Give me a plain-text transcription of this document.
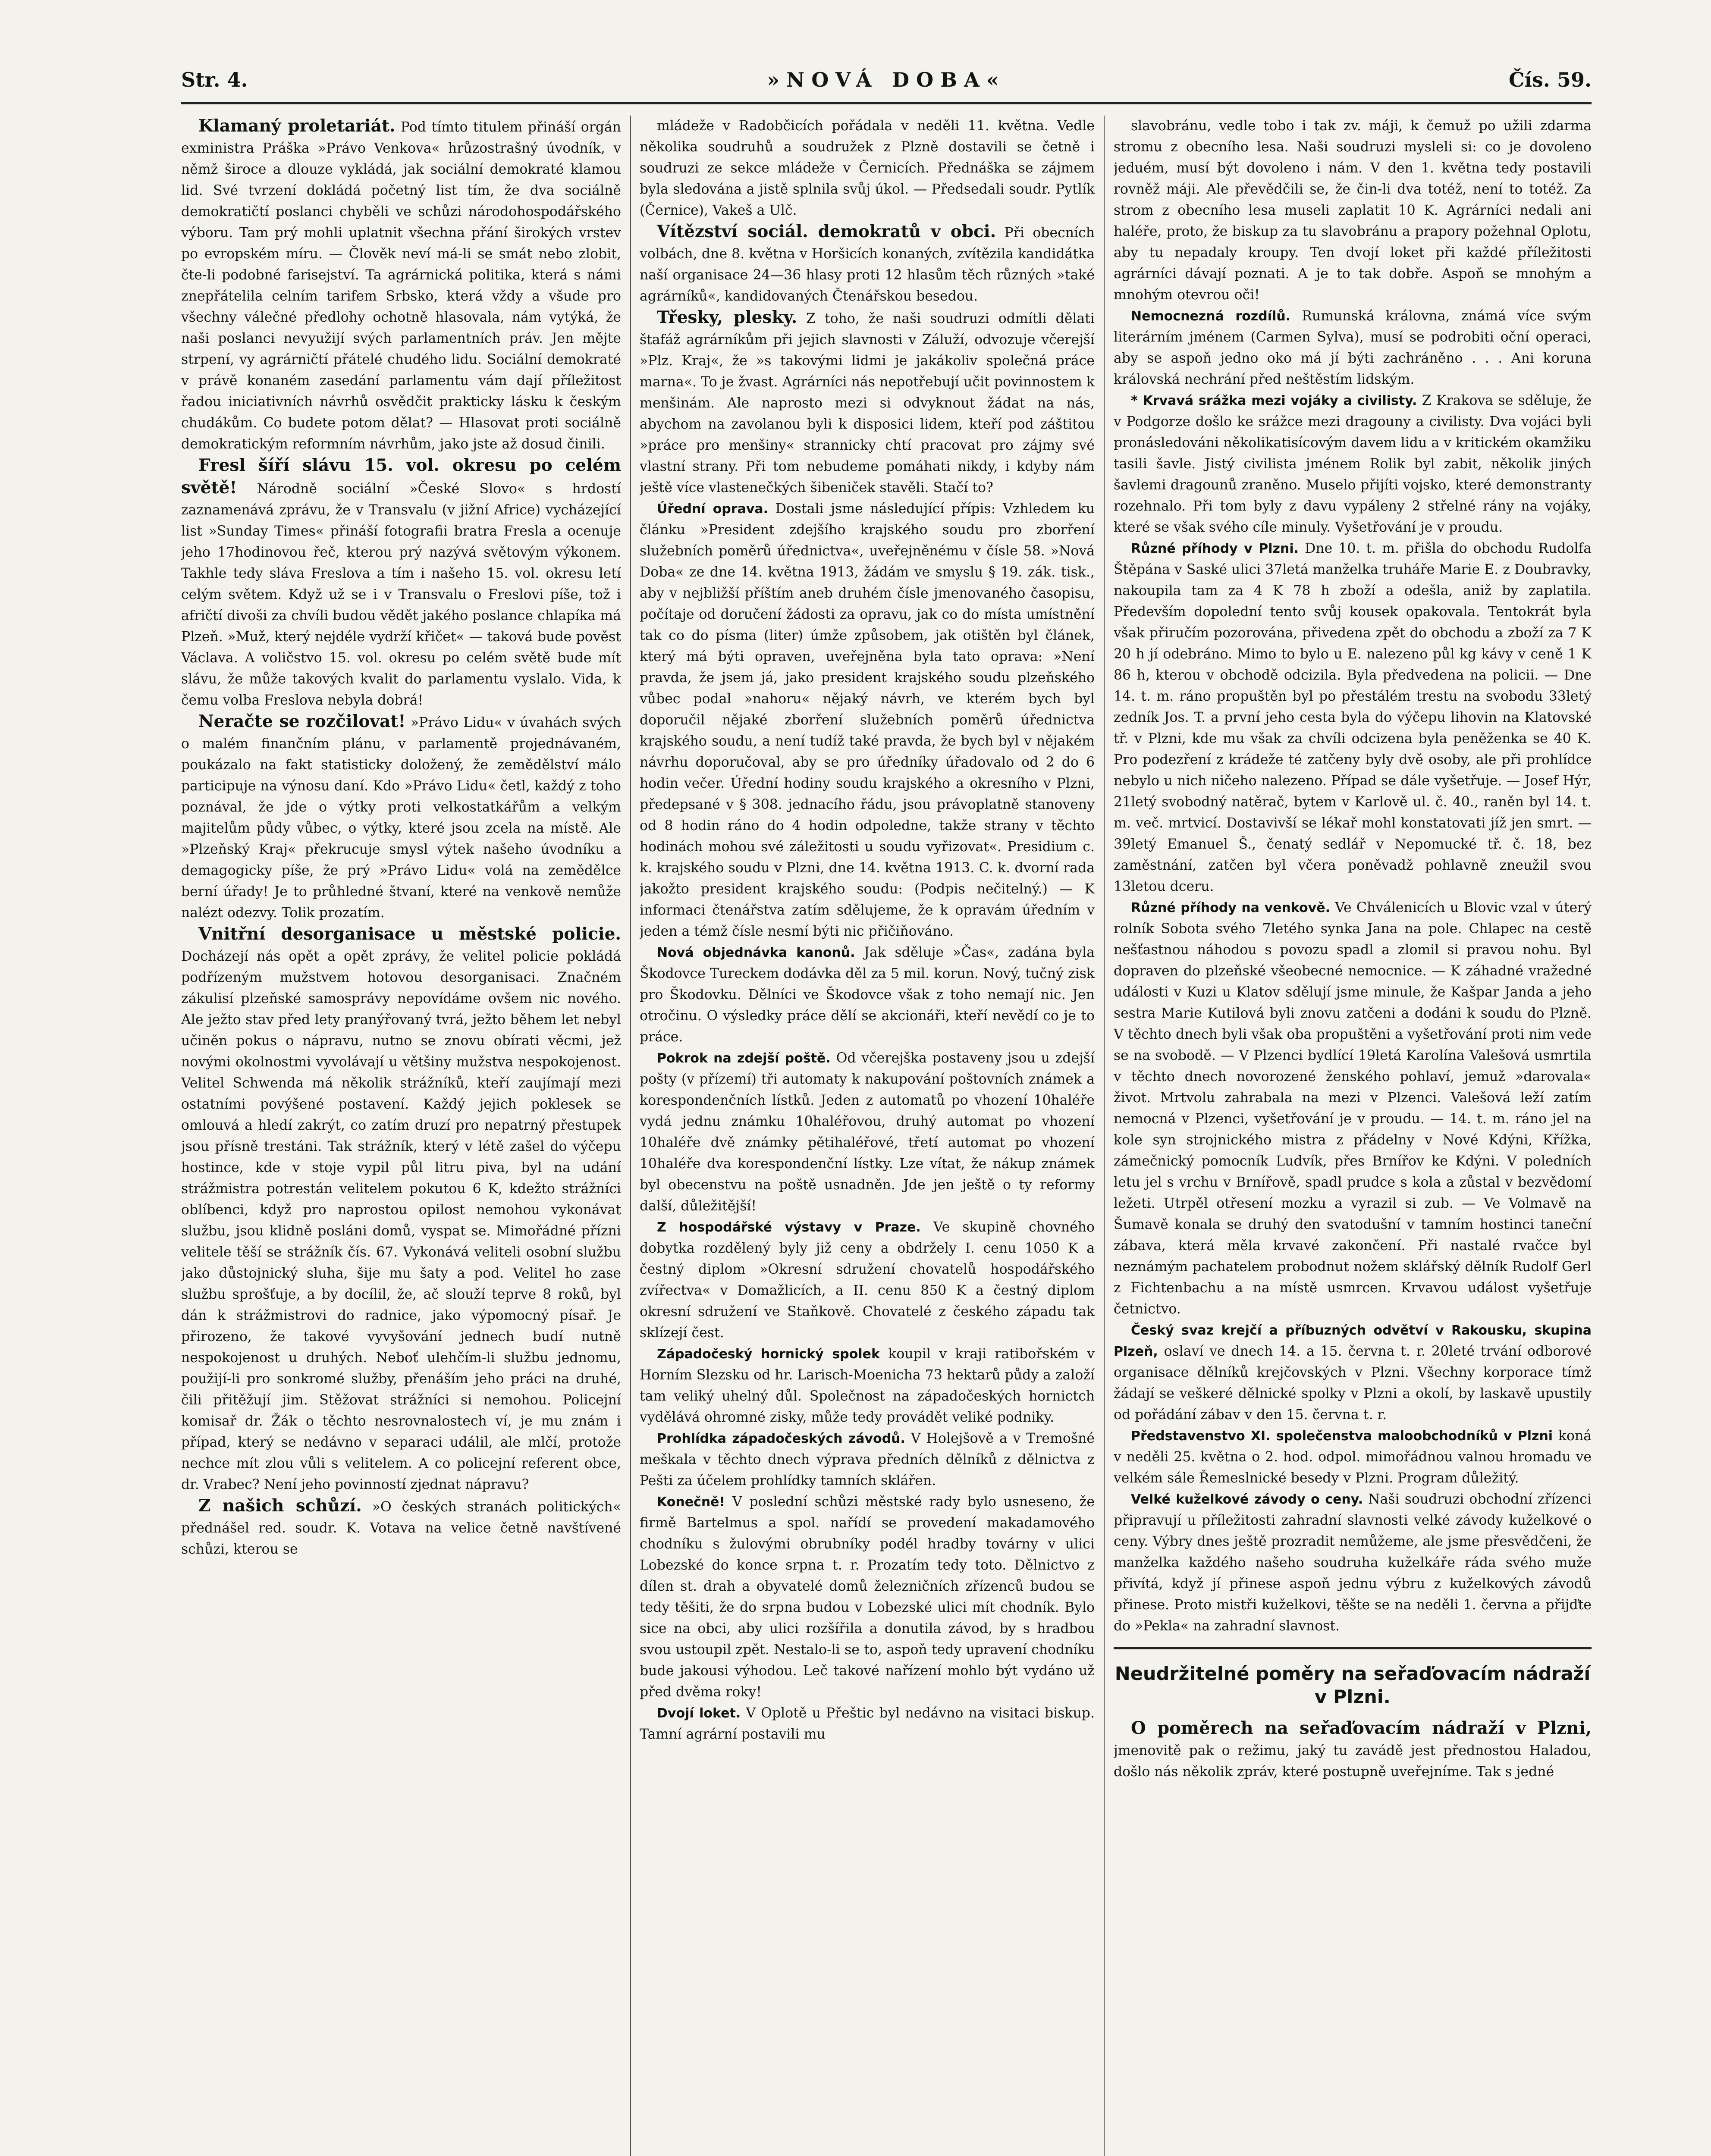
Str. 4.	»NOVÁ DOBA«	Čís. 59.

Klamaný proletariát. Pod tímto titulem přináší orgán exministra Práška »Právo Venkova« hrůzostrašný úvodník, v němž široce a dlouze vykládá, jak sociální demokraté klamou lid. Své tvrzení dokládá početný list tím, že dva sociálně demokratičtí poslanci chyběli ve schůzi národohospodářského výboru. Tam prý mohli uplatnit všechna přání širokých vrstev po evropském míru. — Člověk neví má-li se smát nebo zlobit, čte-li podobné farisejství. Ta agrárnická politika, která s námi znepřátelila celním tarifem Srbsko, která vždy a všude pro všechny válečné předlohy ochotně hlasovala, nám vytýká, že naši poslanci nevyužijí svých parlamentních práv. Jen mějte strpení, vy agrárničtí přátelé chudého lidu. Sociální demokraté v právě konaném zasedání parlamentu vám dají příležitost řadou iniciativních návrhů osvědčit prakticky lásku k českým chudákům. Co budete potom dělat? — Hlasovat proti sociálně demokratickým reformním návrhům, jako jste až dosud činili.

Fresl šíří slávu 15. vol. okresu po celém světě! Národně sociální »České Slovo« s hrdostí zaznamenává zprávu, že v Transvalu (v jižní Africe) vycházející list »Sunday Times« přináší fotografii bratra Fresla a ocenuje jeho 17hodinovou řeč, kterou prý nazývá světovým výkonem. Takhle tedy sláva Freslova a tím i našeho 15. vol. okresu letí celým světem. Když už se i v Transvalu o Freslovi píše, tož i afričtí divoši za chvíli budou vědět jakého poslance chlapíka má Plzeň. »Muž, který nejdéle vydrží křičet« — taková bude pověst Václava. A voličstvo 15. vol. okresu po celém světě bude mít slávu, že může takových kvalit do parlamentu vyslalo. Vida, k čemu volba Freslova nebyla dobrá!

Neračte se rozčilovat! »Právo Lidu« v úvahách svých o malém finančním plánu, v parlamentě projednávaném, poukázalo na fakt statisticky doložený, že zemědělství málo participuje na výnosu daní. Kdo »Právo Lidu« četl, každý z toho poznával, že jde o výtky proti velkostatkářům a velkým majitelům půdy vůbec, o výtky, které jsou zcela na místě. Ale »Plzeňský Kraj« překrucuje smysl výtek našeho úvodníku a demagogicky píše, že prý »Právo Lidu« volá na zemědělce berní úřady! Je to průhledné štvaní, které na venkově nemůže nalézt odezvy. Tolik prozatím.

Vnitřní desorganisace u městské policie. Docházejí nás opět a opět zprávy, že velitel policie pokládá podřízeným mužstvem hotovou desorganisaci. Značném zákulisí plzeňské samosprávy nepovídáme ovšem nic nového. Ale ježto stav před lety pranýřovaný tvrá, ježto během let nebyl učiněn pokus o nápravu, nutno se znovu obírati věcmi, jež novými okolnostmi vyvolávají u většiny mužstva nespokojenost. Velitel Schwenda má několik strážníků, kteří zaujímají mezi ostatními povýšené postavení. Každý jejich poklesek se omlouvá a hledí zakrýt, co zatím druzí pro nepatrný přestupek jsou přísně trestáni. Tak strážník, který v létě zašel do výčepu hostince, kde v stoje vypil půl litru piva, byl na udání strážmistra potrestán velitelem pokutou 6 K, kdežto strážníci oblíbenci, když pro naprostou opilost nemohou vykonávat službu, jsou klidně posláni domů, vyspat se. Mimořádné přízni velitele těší se strážník čís. 67. Vykonává veliteli osobní službu jako důstojnický sluha, šije mu šaty a pod. Velitel ho zase službu sprošťuje, a by docílil, že, ač slouží teprve 8 roků, byl dán k strážmistrovi do radnice, jako výpomocný písař. Je přirozeno, že takové vyvyšování jednech budí nutně nespokojenost u druhých. Neboť ulehčím-li službu jednomu, použijí-li pro sonkromé služby, přenáším jeho práci na druhé, čili přitěžují jim. Stěžovat strážníci si nemohou. Policejní komisař dr. Žák o těchto nesrovnalostech ví, je mu znám i případ, který se nedávno v separaci událil, ale mlčí, protože nechce mít zlou vůli s velitelem. A co policejní referent obce, dr. Vrabec? Není jeho povinností zjednat nápravu?

Z našich schůzí. »O českých stranách politických« přednášel red. soudr. K. Votava na velice četně navštívené schůzi, kterou se

mládeže v Radobčicích pořádala v neděli 11. května. Vedle několika soudruhů a soudružek z Plzně dostavili se četně i soudruzi ze sekce mládeže v Černicích. Přednáška se zájmem byla sledována a jistě splnila svůj úkol. — Předsedali soudr. Pytlík (Černice), Vakeš a Ulč.

Vítězství sociál. demokratů v obci. Při obecních volbách, dne 8. května v Horšicích konaných, zvítězila kandidátka naší organisace 24—36 hlasy proti 12 hlasům těch různých »také agrárníků«, kandidovaných Čtenářskou besedou.

Třesky, plesky. Z toho, že naši soudruzi odmítli dělati štafáž agrárníkům při jejich slavnosti v Záluží, odvozuje včerejší »Plz. Kraj«, že »s takovými lidmi je jakákoliv společná práce marna«. To je žvast. Agrárníci nás nepotřebují učit povinnostem k menšinám. Ale naprosto mezi si odvyknout žádat na nás, abychom na zavolanou byli k disposici lidem, kteří pod záštitou »práce pro menšiny« strannicky chtí pracovat pro zájmy své vlastní strany. Při tom nebudeme pomáhati nikdy, i kdyby nám ještě více vlastenečkých šibeniček stavěli. Stačí to?

Úřední oprava. Dostali jsme následující přípis: Vzhledem ku článku »President zdejšího krajského soudu pro zborření služebních poměrů úřednictva«, uveřejněnému v čísle 58. »Nová Doba« ze dne 14. května 1913, žádám ve smyslu § 19. zák. tisk., aby v nejbližší příštím aneb druhém čísle jmenovaného časopisu, počítaje od doručení žádosti za opravu, jak co do místa umístnění tak co do písma (liter) úmže způsobem, jak otištěn byl článek, který má býti opraven, uveřejněna byla tato oprava: »Není pravda, že jsem já, jako president krajského soudu plzeňského vůbec podal »nahoru« nějaký návrh, ve kterém bych byl doporučil nějaké zborření služebních poměrů úřednictva krajského soudu, a není tudíž také pravda, že bych byl v nějakém návrhu doporučoval, aby se pro úředníky úřadovalo od 2 do 6 hodin večer. Úřední hodiny soudu krajského a okresního v Plzni, předepsané v § 308. jednacího řádu, jsou právoplatně stanoveny od 8 hodin ráno do 4 hodin odpoledne, takže strany v těchto hodinách mohou své záležitosti u soudu vyřizovat«. Presidium c. k. krajského soudu v Plzni, dne 14. května 1913. C. k. dvorní rada jakožto president krajského soudu: (Podpis nečitelný.) — K informaci čtenářstva zatím sdělujeme, že k opravám úředním v jeden a témž čísle nesmí býti nic přičiňováno.

Nová objednávka kanonů. Jak sděluje »Čas«, zadána byla Škodovce Tureckem dodávka děl za 5 mil. korun. Nový, tučný zisk pro Škodovku. Dělníci ve Škodovce však z toho nemají nic. Jen otročinu. O výsledky práce dělí se akcionáři, kteří nevědí co je to práce.

Pokrok na zdejší poště. Od včerejška postaveny jsou u zdejší pošty (v přízemí) tři automaty k nakupování poštovních známek a korespondenčních lístků. Jeden z automatů po vhození 10haléře vydá jednu známku 10haléřovou, druhý automat po vhození 10haléře dvě známky pětihaléřové, třetí automat po vhození 10haléře dva korespondenční lístky. Lze vítat, že nákup známek byl obecenstvu na poště usnadněn. Jde jen ještě o ty reformy další, důležitější!

Z hospodářské výstavy v Praze. Ve skupině chovného dobytka rozdělený byly již ceny a obdržely I. cenu 1050 K a čestný diplom »Okresní sdružení chovatelů hospodářského zvířectva« v Domažlicích, a II. cenu 850 K a čestný diplom okresní sdružení ve Staňkově. Chovatelé z českého západu tak sklízejí čest.

Západočeský hornický spolek koupil v kraji ratibořském v Horním Slezsku od hr. Larisch-Moenicha 73 hektarů půdy a založí tam veliký uhelný důl. Společnost na západočeských hornictch vydělává ohromné zisky, může tedy provádět veliké podniky.

Prohlídka západočeských závodů. V Holejšově a v Tremošné meškala v těchto dnech výprava předních dělníků z dělnictva z Pešti za účelem prohlídky tamních sklářen.

Konečně! V poslední schůzi městské rady bylo usneseno, že firmě Bartelmus a spol. nařídí se provedení makadamového chodníku s žulovými obrubníky podél hradby továrny v ulici Lobezské do konce srpna t. r. Prozatím tedy toto. Dělnictvo z dílen st. drah a obyvatelé domů železničních zřízenců budou se tedy těšiti, že do srpna budou v Lobezské ulici mít chodník. Bylo sice na obci, aby ulici rozšířila a donutila závod, by s hradbou svou ustoupil zpět. Nestalo-li se to, aspoň tedy upravení chodníku bude jakousi výhodou. Leč takové nařízení mohlo být vydáno už před dvěma roky!

Dvojí loket. V Oplotě u Přeštic byl nedávno na visitaci biskup. Tamní agrární postavili mu

slavobránu, vedle tobo i tak zv. máji, k čemuž po užili zdarma stromu z obecního lesa. Naši soudruzi mysleli si: co je dovoleno jeduém, musí být dovoleno i nám. V den 1. května tedy postavili rovněž máji. Ale převědčili se, že čin-li dva totéž, není to totéž. Za strom z obecního lesa museli zaplatit 10 K. Agrárníci nedali ani haléře, proto, že biskup za tu slavobránu a prapory požehnal Oplotu, aby tu nepadaly kroupy. Ten dvojí loket při každé příležitosti agrárníci dávají poznati. A je to tak dobře. Aspoň se mnohým a mnohým otevrou oči!

Nemocnezná rozdílů. Rumunská královna, známá více svým literárním jménem (Carmen Sylva), musí se podrobiti oční operaci, aby se aspoň jedno oko má jí býti zachráněno . . . Ani koruna královská nechrání před neštěstím lidským.

* Krvavá srážka mezi vojáky a civilisty. Z Krakova se sděluje, že v Podgorze došlo ke srážce mezi dragouny a civilisty. Dva vojáci byli pronásledováni několikatisícovým davem lidu a v kritickém okamžiku tasili šavle. Jistý civilista jménem Rolik byl zabit, několik jiných šavlemi dragounů zraněno. Muselo přijíti vojsko, které demonstranty rozehnalo. Při tom byly z davu vypáleny 2 střelné rány na vojáky, které se však svého cíle minuly. Vyšetřování je v proudu.

Různé příhody v Plzni. Dne 10. t. m. přišla do obchodu Rudolfa Štěpána v Saské ulici 37letá manželka truháře Marie E. z Doubravky, nakoupila tam za 4 K 78 h zboží a odešla, aniž by zaplatila. Především dopolední tento svůj kousek opakovala. Tentokrát byla však přiručím pozorována, přivedena zpět do obchodu a zboží za 7 K 20 h jí odebráno. Mimo to bylo u E. nalezeno půl kg kávy v ceně 1 K 86 h, kterou v obchodě odcizila. Byla předvedena na policii. — Dne 14. t. m. ráno propuštěn byl po přestálém trestu na svobodu 33letý zedník Jos. T. a první jeho cesta byla do výčepu lihovin na Klatovské tř. v Plzni, kde mu však za chvíli odcizena byla peněženka se 40 K. Pro podezření z krádeže té zatčeny byly dvě osoby, ale při prohlídce nebylo u nich ničeho nalezeno. Případ se dále vyšetřuje. — Josef Hýr, 21letý svobodný natěrač, bytem v Karlově ul. č. 40., raněn byl 14. t. m. več. mrtvicí. Dostavivší se lékař mohl konstatovati jíž jen smrt. — 39letý Emanuel Š., čenatý sedlář v Nepomucké tř. č. 18, bez zaměstnání, zatčen byl včera poněvadž pohlavně zneužil svou 13letou dceru.

Různé příhody na venkově. Ve Chválenicích u Blovic vzal v úterý rolník Sobota svého 7letého synka Jana na pole. Chlapec na cestě nešťastnou náhodou s povozu spadl a zlomil si pravou nohu. Byl dopraven do plzeňské všeobecné nemocnice. — K záhadné vražedné události v Kuzi u Klatov sdělují jsme minule, že Kašpar Janda a jeho sestra Marie Kutilová byli znovu zatčeni a dodáni k soudu do Plzně. V těchto dnech byli však oba propuštěni a vyšetřování proti nim vede se na svobodě. — V Plzenci bydlící 19letá Karolína Valešová usmrtila v těchto dnech novorozené ženského pohlaví, jemuž »darovala« život. Mrtvolu zahrabala na mezi v Plzenci. Valešová leží zatím nemocná v Plzenci, vyšetřování je v proudu. — 14. t. m. ráno jel na kole syn strojnického mistra z přádelny v Nové Kdýni, Křížka, zámečnický pomocník Ludvík, přes Brnířov ke Kdýni. V poledních letu jel s vrchu v Brnířově, spadl prudce s kola a zůstal v bezvědomí ležeti. Utrpěl otřesení mozku a vyrazil si zub. — Ve Volmavě na Šumavě konala se druhý den svatodušní v tamním hostinci taneční zábava, která měla krvavé zakončení. Při nastalé rvačce byl neznámým pachatelem probodnut nožem sklářský dělník Rudolf Gerl z Fichtenbachu a na místě usmrcen. Krvavou událost vyšetřuje četnictvo.

Český svaz krejčí a příbuzných odvětví v Rakousku, skupina Plzeň, oslaví ve dnech 14. a 15. června t. r. 20leté trvání odborové organisace dělníků krejčovských v Plzni. Všechny korporace tímž žádají se veškeré dělnické spolky v Plzni a okolí, by laskavě upustily od pořádání zábav v den 15. června t. r.

Představenstvo XI. společenstva maloobchodníků v Plzni koná v neděli 25. května o 2. hod. odpol. mimořádnou valnou hromadu ve velkém sále Řemeslnické besedy v Plzni. Program důležitý.

Velké kuželkové závody o ceny. Naši soudruzi obchodní zřízenci připravují u příležitosti zahradní slavnosti velké závody kuželkové o ceny. Výbry dnes ještě prozradit nemůžeme, ale jsme přesvědčeni, že manželka každého našeho soudruha kuželkáře ráda svého muže přivítá, když jí přinese aspoň jednu výbru z kuželkových závodů přinese. Proto mistři kuželkovi, těšte se na neděli 1. června a přijďte do »Pekla« na zahradní slavnost.

Neudržitelné poměry na seřaďovacím nádraží v Plzni.

O poměrech na seřaďovacím nádraží v Plzni, jmenovitě pak o režimu, jaký tu zavádě jest přednostou Haladou, došlo nás několik zpráv, které postupně uveřejníme. Tak s jedné
